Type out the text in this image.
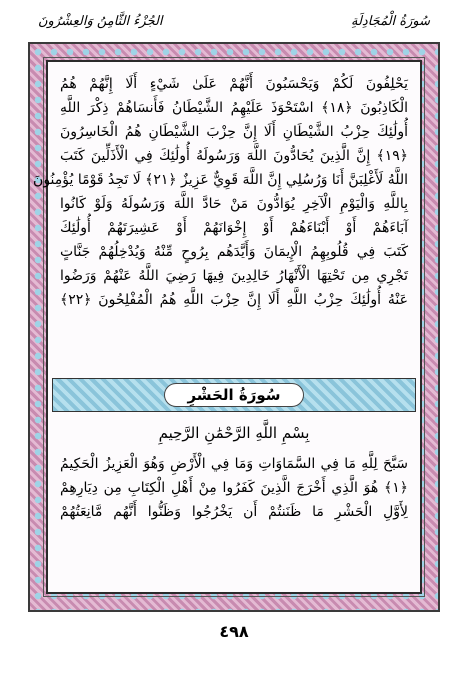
سُورَةُ الْمُجَادِلَةِ
الجُزْءُ الثَّامِنُ وَالعِشْرُونَ
يَحْلِفُونَ لَكُمْ وَيَحْسَبُونَ أَنَّهُمْ عَلَىٰ شَيْءٍ أَلَا إِنَّهُمْ هُمُ
الْكَاذِبُونَ ﴿١٨﴾ اسْتَحْوَذَ عَلَيْهِمُ الشَّيْطَانُ فَأَنسَاهُمْ ذِكْرَ اللَّهِ
أُولَٰئِكَ حِزْبُ الشَّيْطَانِ أَلَا إِنَّ حِزْبَ الشَّيْطَانِ هُمُ الْخَاسِرُونَ
﴿١٩﴾ إِنَّ الَّذِينَ يُحَادُّونَ اللَّهَ وَرَسُولَهُ أُولَٰئِكَ فِي الْأَذَلِّينَ كَتَبَ
اللَّهُ لَأَغْلِبَنَّ أَنَا وَرُسُلِي إِنَّ اللَّهَ قَوِيٌّ عَزِيزٌ ﴿٢١﴾ لَا تَجِدُ قَوْمًا يُؤْمِنُونَ
بِاللَّهِ وَالْيَوْمِ الْآخِرِ يُوَادُّونَ مَنْ حَادَّ اللَّهَ وَرَسُولَهُ وَلَوْ كَانُوا
آبَاءَهُمْ أَوْ أَبْنَاءَهُمْ أَوْ إِخْوَانَهُمْ أَوْ عَشِيرَتَهُمْ أُولَٰئِكَ
كَتَبَ فِي قُلُوبِهِمُ الْإِيمَانَ وَأَيَّدَهُم بِرُوحٍ مِّنْهُ وَيُدْخِلُهُمْ جَنَّاتٍ
تَجْرِي مِن تَحْتِهَا الْأَنْهَارُ خَالِدِينَ فِيهَا رَضِيَ اللَّهُ عَنْهُمْ وَرَضُوا
عَنْهُ أُولَٰئِكَ حِزْبُ اللَّهِ أَلَا إِنَّ حِزْبَ اللَّهِ هُمُ الْمُفْلِحُونَ ﴿٢٢﴾
سُورَةُ الحَشْرِ
بِسْمِ اللَّهِ الرَّحْمَٰنِ الرَّحِيمِ
سَبَّحَ لِلَّهِ مَا فِي السَّمَاوَاتِ وَمَا فِي الْأَرْضِ وَهُوَ الْعَزِيزُ الْحَكِيمُ
﴿١﴾ هُوَ الَّذِي أَخْرَجَ الَّذِينَ كَفَرُوا مِنْ أَهْلِ الْكِتَابِ مِن دِيَارِهِمْ
لِأَوَّلِ الْحَشْرِ مَا ظَنَنتُمْ أَن يَخْرُجُوا وَظَنُّوا أَنَّهُم مَّانِعَتُهُمْ
٤٩٨
